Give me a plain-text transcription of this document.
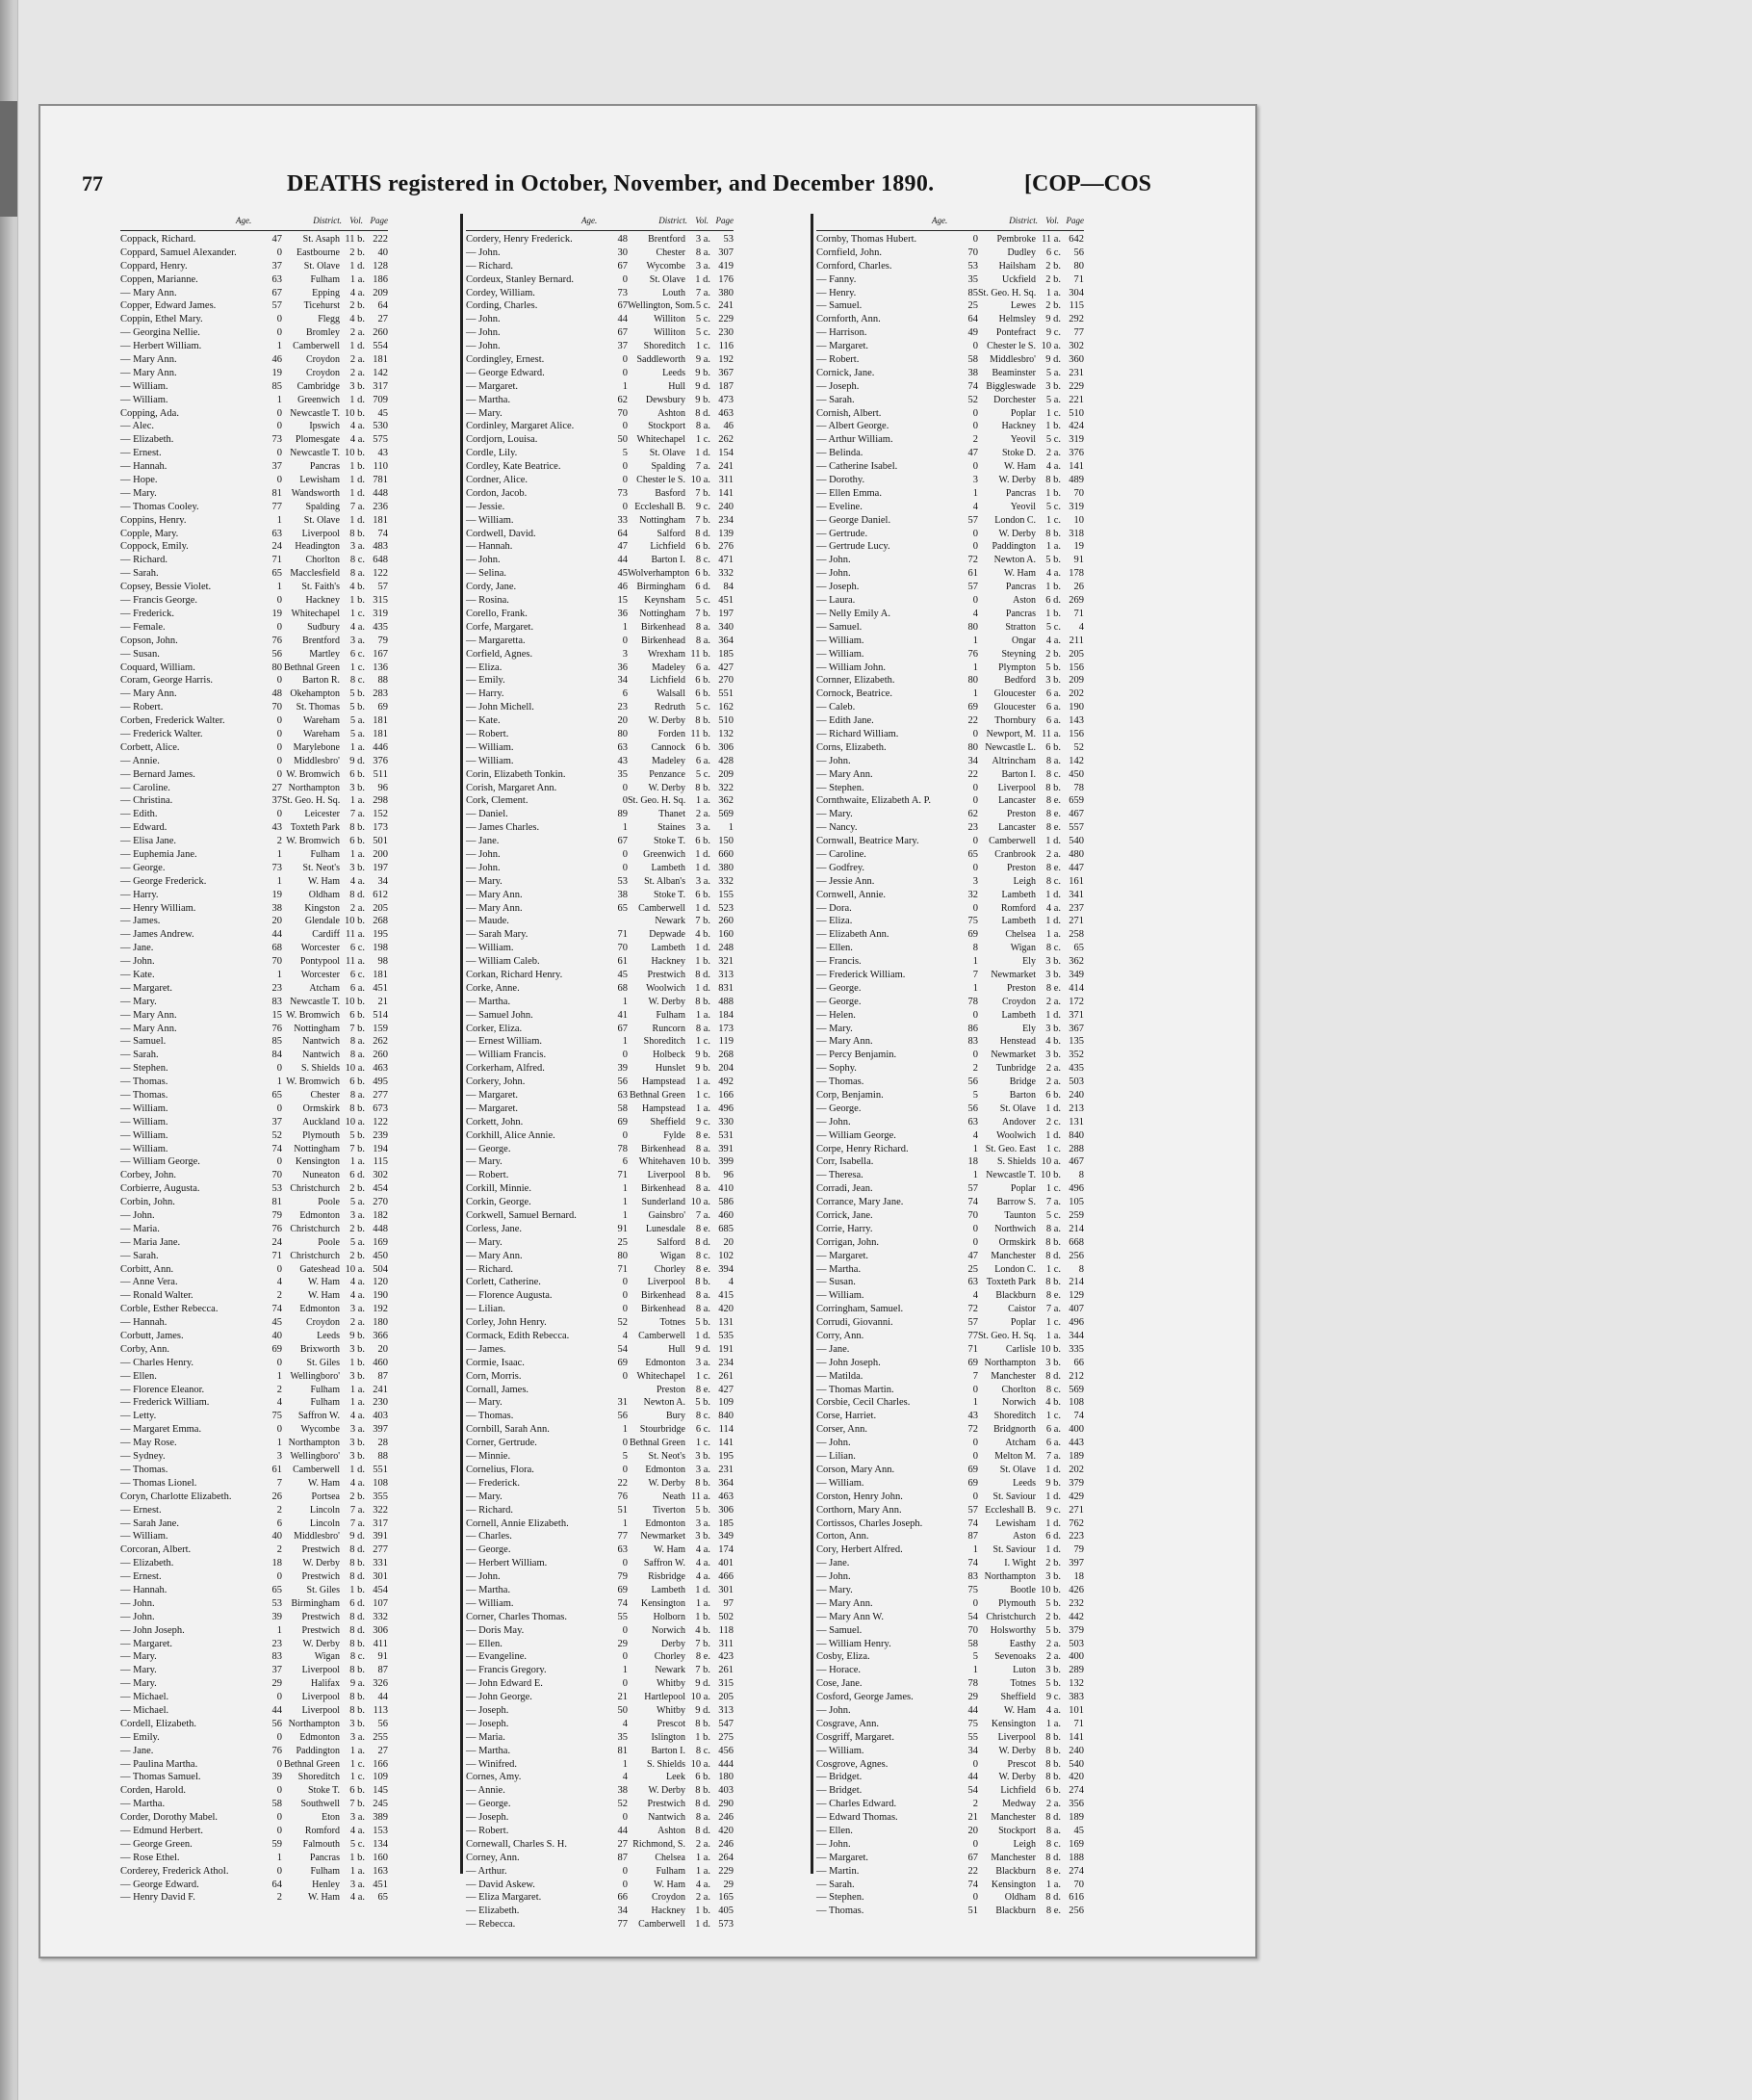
77	DEATHS registered in October, November, and December 1890.	[COP—COS
Age.	District. Vol. Page
Coppack, Richard.	47	St. Asaph 11 b. 222
Coppard, Samuel Alexander.	0	Eastbourne 2 b.	40
Coppard, Henry.	37	St. Olave 1 d. 128
Coppen, Marianne.	63	Fulham	1 a. 186
— Mary Ann.	67	Epping	4 a. 209
Copper, Edward James.	57	Ticehurst 2 b.	64
Coppin, Ethel Mary.	0	Flegg 4 b.	27
— Georgina Nellie.	0	Bromley	2 a. 260
— Herbert William.	1	Camberwell 1 d. 554
— Mary Ann.	46	Croydon	2 a. 181
— Mary Ann.	19	Croydon	2 a. 142
— William.	85	Cambridge 3 b. 317
— William.	1	Greenwich 1 d. 709
Copping, Ada.	0 Newcastle T. 10 b.	45
— Alec.	0	Ipswich	4 a. 530
— Elizabeth.	73	Plomesgate	4 a. 575
— Ernest.	0 Newcastle T. 10 b.	43
— Hannah.	37	Pancras 1 b. 110
— Hope.	0	Lewisham 1 d. 781
— Mary.	81 Wandsworth 1 d. 448
— Thomas Cooley.	77	Spalding	7 a. 236
Coppins, Henry.	1	St. Olave 1 d. 181
Copple, Mary.	63	Liverpool 8 b.	74
Coppock, Emily.	24	Headington	3 a. 483
— Richard.	71	Chorlton	8 c. 648
— Sarah.	65 Macclesfield	8 a. 122
Copsey, Bessie Violet.	1	St. Faith's 4 b.	57
— Francis George.	0	Hackney 1 b. 315
— Frederick.	19 Whitechapel	1 c. 319
— Female.	0	Sudbury	4 a. 435
Copson, John.	76	Brentford	3 a.	79
— Susan.	56	Martley	6 c. 167
Coquard, William.	80 Bethnal Green	1 c. 136
Coram, George Harris.	0	Barton R.	8 c.	88
— Mary Ann.	48 Okehampton 5 b. 283
— Robert.	70	St. Thomas 5 b.	69
Corben, Frederick Walter.	0	Wareham	5 a. 181
— Frederick Walter.	0	Wareham	5 a. 181
Corbett, Alice.	0	Marylebone	1 a. 446
— Annie.	0	Middlesbro' 9 d. 376
— Bernard James.	0 W. Bromwich 6 b. 511
— Caroline.	27 Northampton 3 b.	96
— Christina.	37 St. Geo. H. Sq.	1 a. 298
— Edith.	0	Leicester	7 a. 152
— Edward.	43 Toxteth Park 8 b. 173
— Elisa Jane.	2 W. Bromwich 6 b. 501
— Euphemia Jane.	1	Fulham	1 a. 200
— George.	73	St. Neot's 3 b. 197
— George Frederick.	1	W. Ham	4 a.	34
— Harry.	19	Oldham 8 d. 612
— Henry William.	38	Kingston	2 a. 205
— James.	20	Glendale 10 b. 268
— James Andrew.	44	Cardiff 11 a. 195
— Jane.	68	Worcester	6 c. 198
— John.	70	Pontypool 11 a.	98
— Kate.	1	Worcester	6 c. 181
— Margaret.	23	Atcham	6 a. 451
— Mary.	83 Newcastle T. 10 b.	21
— Mary Ann.	15 W. Bromwich 6 b. 514
— Mary Ann.	76	Nottingham 7 b. 159
— Samuel.	85	Nantwich	8 a. 262
— Sarah.	84	Nantwich	8 a. 260
— Stephen.	0	S. Shields 10 a. 463
— Thomas.	1 W. Bromwich 6 b. 495
— Thomas.	65	Chester	8 a. 277
— William.	0	Ormskirk 8 b. 673
— William.	37	Auckland 10 a. 122
— William.	52	Plymouth 5 b. 239
— William.	74	Nottingham 7 b. 194
— William George.	0	Kensington	1 a. 115
Corbey, John.	70	Nuneaton 6 d. 302
Corbierre, Augusta.	53 Christchurch 2 b. 454
Corbin, John.	81	Poole	5 a. 270
— John.	79	Edmonton	3 a. 182
— Maria.	76 Christchurch 2 b. 448
— Maria Jane.	24	Poole	5 a. 169
— Sarah.	71 Christchurch 2 b. 450
Corbitt, Ann.	0	Gateshead 10 a. 504
— Anne Vera.	4	W. Ham	4 a. 120
— Ronald Walter.	2	W. Ham	4 a. 190
Corble, Esther Rebecca.	74	Edmonton	3 a. 192
— Hannah.	45	Croydon	2 a. 180
Corbutt, James.	40	Leeds 9 b. 366
Corby, Ann.	69	Brixworth 3 b.	20
— Charles Henry.	0	St. Giles 1 b. 460
— Ellen.	1 Wellingboro' 3 b.	87
— Florence Eleanor.	2	Fulham	1 a. 241
— Frederick William.	4	Fulham	1 a. 230
— Letty.	75	Saffron W.	4 a. 403
— Margaret Emma.	0	Wycombe	3 a. 397
— May Rose.	1 Northampton 3 b.	28
— Sydney.	3 Wellingboro' 3 b.	88
— Thomas.	61	Camberwell 1 d. 551
— Thomas Lionel.	7	W. Ham	4 a. 108
Coryn, Charlotte Elizabeth.	26	Portsea 2 b. 355
— Ernest.	2	Lincoln	7 a. 322
— Sarah Jane.	6	Lincoln	7 a. 317
— William.	40	Middlesbro' 9 d. 391
Corcoran, Albert.	2	Prestwich 8 d. 277
— Elizabeth.	18	W. Derby 8 b. 331
— Ernest.	0	Prestwich 8 d. 301
— Hannah.	65	St. Giles 1 b. 454
— John.	53 Birmingham 6 d. 107
— John.	39	Prestwich 8 d. 332
— John Joseph.	1	Prestwich 8 d. 306
— Margaret.	23	W. Derby 8 b. 411
— Mary.	83	Wigan	8 c.	91
— Mary.	37	Liverpool 8 b.	87
— Mary.	29	Halifax	9 a. 326
— Michael.	0	Liverpool 8 b.	44
— Michael.	44	Liverpool 8 b. 113
Cordell, Elizabeth.	56 Northampton 3 b.	56
— Emily.	0	Edmonton	3 a. 255
— Jane.	76	Paddington	1 a.	27
— Paulina Martha.	0 Bethnal Green	1 c. 166
— Thomas Samuel.	39	Shoreditch	1 c. 109
Corden, Harold.	0	Stoke T. 6 b. 145
— Martha.	58	Southwell 7 b. 245
Corder, Dorothy Mabel.	0	Eton	3 a. 389
— Edmund Herbert.	0	Romford	4 a. 153
— George Green.	59	Falmouth	5 c. 134
— Rose Ethel.	1	Pancras 1 b. 160
Corderey, Frederick Athol.	0	Fulham	1 a. 163
— George Edward.	64	Henley	3 a. 451
— Henry David F.	2	W. Ham	4 a.	65
Age.	District. Vol. Page
Cordery, Henry Frederick.	48	Brentford	3 a.	53
— John.	30	Chester	8 a. 307
— Richard.	67	Wycombe	3 a. 419
Cordeux, Stanley Bernard.	0	St. Olave 1 d. 176
Cordey, William.	73	Louth	7 a. 380
Cording, Charles.	67 Wellington, Som. 5 c. 241
— John.	44	Williton	5 c. 229
— John.	67	Williton	5 c. 230
— John.	37	Shoreditch	1 c. 116
Cordingley, Ernest.	0 Saddleworth	9 a. 192
— George Edward.	0	Leeds 9 b. 367
— Margaret.	1	Hull 9 d. 187
— Martha.	62	Dewsbury 9 b. 473
— Mary.	70	Ashton 8 d. 463
Cordinley, Margaret Alice.	0	Stockport	8 a.	46
Cordjorn, Louisa.	50 Whitechapel	1 c. 262
Cordle, Lily.	5	St. Olave 1 d. 154
Cordley, Kate Beatrice.	0	Spalding	7 a. 241
Cordner, Alice.	0 Chester le S. 10 a. 311
Cordon, Jacob.	73	Basford 7 b. 141
— Jessie.	0 Eccleshall B.	9 c. 240
— William.	33	Nottingham 7 b. 234
Cordwell, David.	64	Salford 8 d. 139
— Hannah.	47	Lichfield 6 b. 276
— John.	44	Barton I.	8 c. 471
— Selina.	45 Wolverhampton 6 b. 332
Cordy, Jane.	46 Birmingham 6 d.	84
— Rosina.	15	Keynsham	5 c. 451
Corello, Frank.	36	Nottingham 7 b. 197
Corfe, Margaret.	1	Birkenhead	8 a. 340
— Margaretta.	0	Birkenhead	8 a. 364
Corfield, Agnes.	3	Wrexham 11 b. 185
— Eliza.	36	Madeley	6 a. 427
— Emily.	34	Lichfield 6 b. 270
— Harry.	6	Walsall 6 b. 551
— John Michell.	23	Redruth	5 c. 162
— Kate.	20	W. Derby 8 b. 510
— Robert.	80	Forden 11 b. 132
— William.	63	Cannock 6 b. 306
— William.	43	Madeley	6 a. 428
Corin, Elizabeth Tonkin.	35	Penzance	5 c. 209
Corish, Margaret Ann.	0	W. Derby 8 b. 322
Cork, Clement.	0 St. Geo. H. Sq.	1 a. 362
— Daniel.	89	Thanet	2 a. 569
— James Charles.	1	Staines	3 a.	1
— Jane.	67	Stoke T. 6 b. 150
— John.	0	Greenwich 1 d. 660
— John.	0	Lambeth 1 d. 380
— Mary.	53	St. Alban's	3 a. 332
— Mary Ann.	38	Stoke T. 6 b. 155
— Mary Ann.	65	Camberwell 1 d. 523
— Maude.	Newark 7 b. 260
— Sarah Mary.	71	Depwade 4 b. 160
— William.	70	Lambeth 1 d. 248
— William Caleb.	61	Hackney 1 b. 321
Corkan, Richard Henry.	45	Prestwich 8 d. 313
Corke, Anne.	68	Woolwich 1 d. 831
— Martha.	1	W. Derby 8 b. 488
— Samuel John.	41	Fulham	1 a. 184
Corker, Eliza.	67	Runcorn	8 a. 173
— Ernest William.	1	Shoreditch	1 c. 119
— William Francis.	0	Holbeck 9 b. 268
Corkerham, Alfred.	39	Hunslet 9 b. 204
Corkery, John.	56	Hampstead	1 a. 492
— Margaret.	63 Bethnal Green	1 c. 166
— Margaret.	58	Hampstead	1 a. 496
Corkett, John.	69	Sheffield	9 c. 330
Corkhill, Alice Annie.	0	Fylde	8 e. 531
— George.	78	Birkenhead	8 a. 391
— Mary.	6	Whitehaven 10 b. 399
— Robert.	71	Liverpool 8 b.	96
Corkill, Minnie.	1	Birkenhead	8 a. 410
Corkin, George.	1	Sunderland 10 a. 586
Corkwell, Samuel Bernard.	1	Gainsbro'	7 a. 460
Corless, Jane.	91	Lunesdale	8 e. 685
— Mary.	25	Salford 8 d.	20
— Mary Ann.	80	Wigan	8 c. 102
— Richard.	71	Chorley	8 e. 394
Corlett, Catherine.	0	Liverpool 8 b.	4
— Florence Augusta.	0	Birkenhead	8 a. 415
— Lilian.	0	Birkenhead	8 a. 420
Corley, John Henry.	52	Totnes 5 b. 131
Cormack, Edith Rebecca.	4	Camberwell 1 d. 535
— James.	54	Hull 9 d. 191
Cormie, Isaac.	69	Edmonton	3 a. 234
Corn, Morris.	0 Whitechapel	1 c. 261
Cornall, James.	Preston	8 e. 427
— Mary.	31	Newton A. 5 b. 109
— Thomas.	56	Bury	8 c. 840
Cornbill, Sarah Ann.	1	Stourbridge	6 c. 114
Corner, Gertrude.	0 Bethnal Green	1 c. 141
— Minnie.	5	St. Neot's 3 b. 195
Cornelius, Flora.	0	Edmonton	3 a. 231
— Frederick.	22	W. Derby 8 b. 364
— Mary.	76	Neath 11 a. 463
— Richard.	51	Tiverton 5 b. 306
Cornell, Annie Elizabeth.	1	Edmonton	3 a. 185
— Charles.	77	Newmarket 3 b. 349
— George.	63	W. Ham	4 a. 174
— Herbert William.	0	Saffron W.	4 a. 401
— John.	79	Risbridge	4 a. 466
— Martha.	69	Lambeth 1 d. 301
— William.	74	Kensington	1 a.	97
Corner, Charles Thomas.	55	Holborn 1 b. 502
— Doris May.	0	Norwich 4 b. 118
— Ellen.	29	Derby 7 b. 311
— Evangeline.	0	Chorley	8 e. 423
— Francis Gregory.	1	Newark 7 b. 261
— John Edward E.	0	Whitby 9 d. 315
— John George.	21	Hartlepool 10 a. 205
— Joseph.	50	Whitby 9 d. 313
— Joseph.	4	Prescot 8 b. 547
— Maria.	35	Islington 1 b. 275
— Martha.	81	Barton I.	8 c. 456
— Winifred.	1	S. Shields 10 a. 444
Cornes, Amy.	4	Leek 6 b. 180
— Annie.	38	W. Derby 8 b. 403
— George.	52	Prestwich 8 d. 290
— Joseph.	0	Nantwich	8 a. 246
— Robert.	44	Ashton 8 d. 420
Cornewall, Charles S. H.	27 Richmond, S.	2 a. 246
Corney, Ann.	87	Chelsea	1 a. 264
— Arthur.	0	Fulham	1 a. 229
— David Askew.	0	W. Ham	4 a.	29
— Eliza Margaret.	66	Croydon	2 a. 165
— Elizabeth.	34	Hackney 1 b. 405
— Rebecca.	77	Camberwell 1 d. 573
Age.	District. Vol. Page
Cornby, Thomas Hubert.	0	Pembroke 11 a. 642
Cornfield, John.	70	Dudley	6 c.	56
Cornford, Charles.	53	Hailsham 2 b.	80
— Fanny.	35	Uckfield 2 b.	71
— Henry.	85 St. Geo. H. Sq.	1 a. 304
— Samuel.	25	Lewes 2 b. 115
Cornforth, Ann.	64	Helmsley 9 d. 292
— Harrison.	49	Pontefract	9 c.	77
— Margaret.	0 Chester le S. 10 a. 302
— Robert.	58	Middlesbro' 9 d. 360
Cornick, Jane.	38	Beaminster	5 a. 231
— Joseph.	74 Biggleswade 3 b. 229
— Sarah.	52	Dorchester	5 a. 221
Cornish, Albert.	0	Poplar	1 c. 510
— Albert George.	0	Hackney 1 b. 424
— Arthur William.	2	Yeovil	5 c. 319
— Belinda.	47	Stoke D.	2 a. 376
— Catherine Isabel.	0	W. Ham	4 a. 141
— Dorothy.	3	W. Derby 8 b. 489
— Ellen Emma.	1	Pancras 1 b.	70
— Eveline.	4	Yeovil	5 c. 319
— George Daniel.	57	London C.	1 c.	10
— Gertrude.	0	W. Derby 8 b. 318
— Gertrude Lucy.	0	Paddington	1 a.	19
— John.	72	Newton A. 5 b.	91
— John.	61	W. Ham	4 a. 178
— Joseph.	57	Pancras 1 b.	26
— Laura.	0	Aston 6 d. 269
— Nelly Emily A.	4	Pancras 1 b.	71
— Samuel.	80	Stratton	5 c.	4
— William.	1	Ongar	4 a. 211
— William.	76	Steyning 2 b. 205
— William John.	1	Plympton 5 b. 156
Cornner, Elizabeth.	80	Bedford 3 b. 209
Cornock, Beatrice.	1	Gloucester	6 a. 202
— Caleb.	69	Gloucester	6 a. 190
— Edith Jane.	22	Thornbury	6 a. 143
— Richard William.	0 Newport, M. 11 a. 156
Corns, Elizabeth.	80 Newcastle L. 6 b.	52
— John.	34	Altrincham	8 a. 142
— Mary Ann.	22	Barton I.	8 c. 450
— Stephen.	0	Liverpool 8 b.	78
Cornthwaite, Elizabeth A. P.	0	Lancaster	8 e. 659
— Mary.	62	Preston	8 e. 467
— Nancy.	23	Lancaster	8 e. 557
Cornwall, Beatrice Mary.	0	Camberwell 1 d. 540
— Caroline.	65	Cranbrook	2 a. 480
— Godfrey.	0	Preston	8 e. 447
— Jessie Ann.	3	Leigh	8 c. 161
Cornwell, Annie.	32	Lambeth 1 d. 341
— Dora.	0	Romford	4 a. 237
— Eliza.	75	Lambeth 1 d. 271
— Elizabeth Ann.	69	Chelsea	1 a. 258
— Ellen.	8	Wigan	8 c.	65
— Francis.	1	Ely 3 b. 362
— Frederick William.	7	Newmarket 3 b. 349
— George.	1	Preston	8 e. 414
— George.	78	Croydon	2 a. 172
— Helen.	0	Lambeth 1 d. 371
— Mary.	86	Ely 3 b. 367
— Mary Ann.	83	Henstead 4 b. 135
— Percy Benjamin.	0	Newmarket 3 b. 352
— Sophy.	2	Tunbridge	2 a. 435
— Thomas.	56	Bridge	2 a. 503
Corp, Benjamin.	5	Barton 6 b. 240
— George.	56	St. Olave 1 d. 213
— John.	63	Andover	2 c. 131
— William George.	4	Woolwich 1 d. 840
Corpe, Henry Richard.	1 St. Geo. East	1 c. 288
Corr, Isabella.	18	S. Shields 10 a. 467
— Theresa.	1 Newcastle T. 10 b.	8
Corradi, Jean.	57	Poplar	1 c. 496
Corrance, Mary Jane.	74	Barrow S.	7 a. 105
Corrick, Jane.	70	Taunton	5 c. 259
Corrie, Harry.	0	Northwich	8 a. 214
Corrigan, John.	0	Ormskirk 8 b. 668
— Margaret.	47	Manchester 8 d. 256
— Martha.	25	London C.	1 c.	8
— Susan.	63 Toxteth Park 8 b. 214
— William.	4	Blackburn	8 e. 129
Corringham, Samuel.	72	Caistor	7 a. 407
Corrudi, Giovanni.	57	Poplar	1 c. 496
Corry, Ann.	77 St. Geo. H. Sq.	1 a. 344
— Jane.	71	Carlisle 10 b. 335
— John Joseph.	69 Northampton 3 b.	66
— Matilda.	7	Manchester 8 d. 212
— Thomas Martin.	0	Chorlton	8 c. 569
Corsbie, Cecil Charles.	1	Norwich 4 b. 108
Corse, Harriet.	43	Shoreditch	1 c.	74
Corser, Ann.	72	Bridgnorth	6 a. 400
— John.	0	Atcham	6 a. 443
— Lilian.	0	Melton M.	7 a. 189
Corson, Mary Ann.	69	St. Olave 1 d. 202
— William.	69	Leeds 9 b. 379
Corston, Henry John.	0	St. Saviour 1 d. 429
Corthorn, Mary Ann.	57 Eccleshall B.	9 c. 271
Cortissos, Charles Joseph.	74	Lewisham 1 d. 762
Corton, Ann.	87	Aston 6 d. 223
Cory, Herbert Alfred.	1	St. Saviour 1 d.	79
— Jane.	74	I. Wight 2 b. 397
— John.	83 Northampton 3 b.	18
— Mary.	75	Bootle 10 b. 426
— Mary Ann.	0	Plymouth 5 b. 232
— Mary Ann W.	54 Christchurch 2 b. 442
— Samuel.	70	Holsworthy 5 b. 379
— William Henry.	58	Easthy	2 a. 503
Cosby, Eliza.	5	Sevenoaks	2 a. 400
— Horace.	1	Luton 3 b. 289
Cose, Jane.	78	Totnes 5 b. 132
Cosford, George James.	29	Sheffield	9 c. 383
— John.	44	W. Ham	4 a. 101
Cosgrave, Ann.	75	Kensington	1 a.	71
Cosgriff, Margaret.	55	Liverpool 8 b. 141
— William.	34	W. Derby 8 b. 240
Cosgrove, Agnes.	0	Prescot 8 b. 540
— Bridget.	44	W. Derby 8 b. 420
— Bridget.	54	Lichfield 6 b. 274
— Charles Edward.	2	Medway	2 a. 356
— Edward Thomas.	21	Manchester 8 d. 189
— Ellen.	20	Stockport	8 a.	45
— John.	0	Leigh	8 c. 169
— Margaret.	67	Manchester 8 d. 188
— Martin.	22	Blackburn	8 e. 274
— Sarah.	74	Kensington	1 a.	70
— Stephen.	0	Oldham 8 d. 616
— Thomas.	51	Blackburn	8 e. 256
